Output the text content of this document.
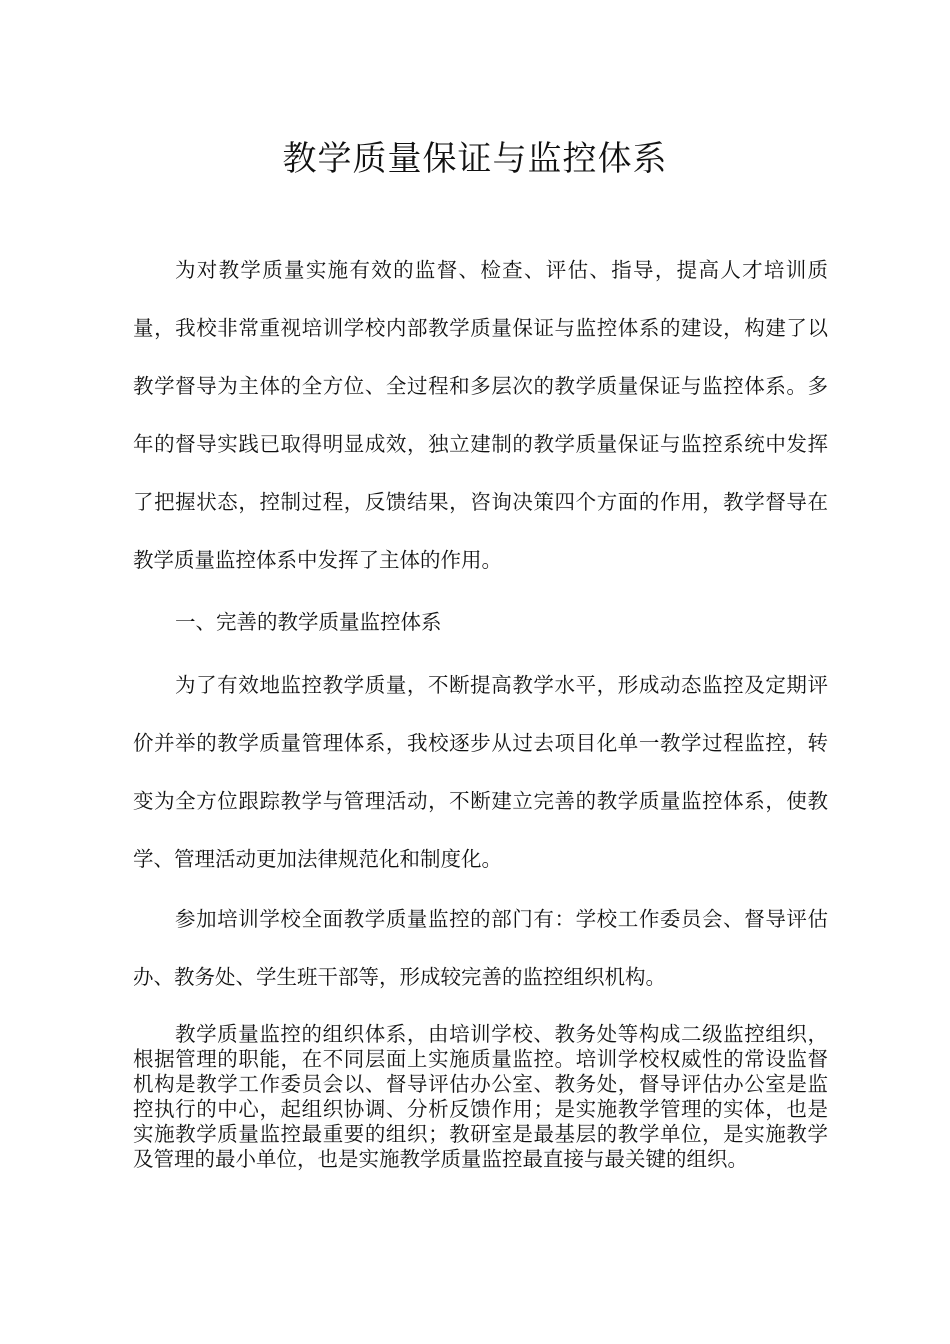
教学质量保证与监控体系

为对教学质量实施有效的监督、检查、评估、指导，提高人才培训质量，我校非常重视培训学校内部教学质量保证与监控体系的建设，构建了以教学督导为主体的全方位、全过程和多层次的教学质量保证与监控体系。多年的督导实践已取得明显成效，独立建制的教学质量保证与监控系统中发挥了把握状态，控制过程，反馈结果，咨询决策四个方面的作用，教学督导在教学质量监控体系中发挥了主体的作用。

一、完善的教学质量监控体系

为了有效地监控教学质量，不断提高教学水平，形成动态监控及定期评价并举的教学质量管理体系，我校逐步从过去项目化单一教学过程监控，转变为全方位跟踪教学与管理活动，不断建立完善的教学质量监控体系，使教学、管理活动更加法律规范化和制度化。

参加培训学校全面教学质量监控的部门有：学校工作委员会、督导评估办、教务处、学生班干部等，形成较完善的监控组织机构。

教学质量监控的组织体系，由培训学校、教务处等构成二级监控组织，根据管理的职能，在不同层面上实施质量监控。培训学校权威性的常设监督机构是教学工作委员会以、督导评估办公室、教务处，督导评估办公室是监控执行的中心，起组织协调、分析反馈作用；是实施教学管理的实体，也是实施教学质量监控最重要的组织；教研室是最基层的教学单位，是实施教学及管理的最小单位，也是实施教学质量监控最直接与最关键的组织。
